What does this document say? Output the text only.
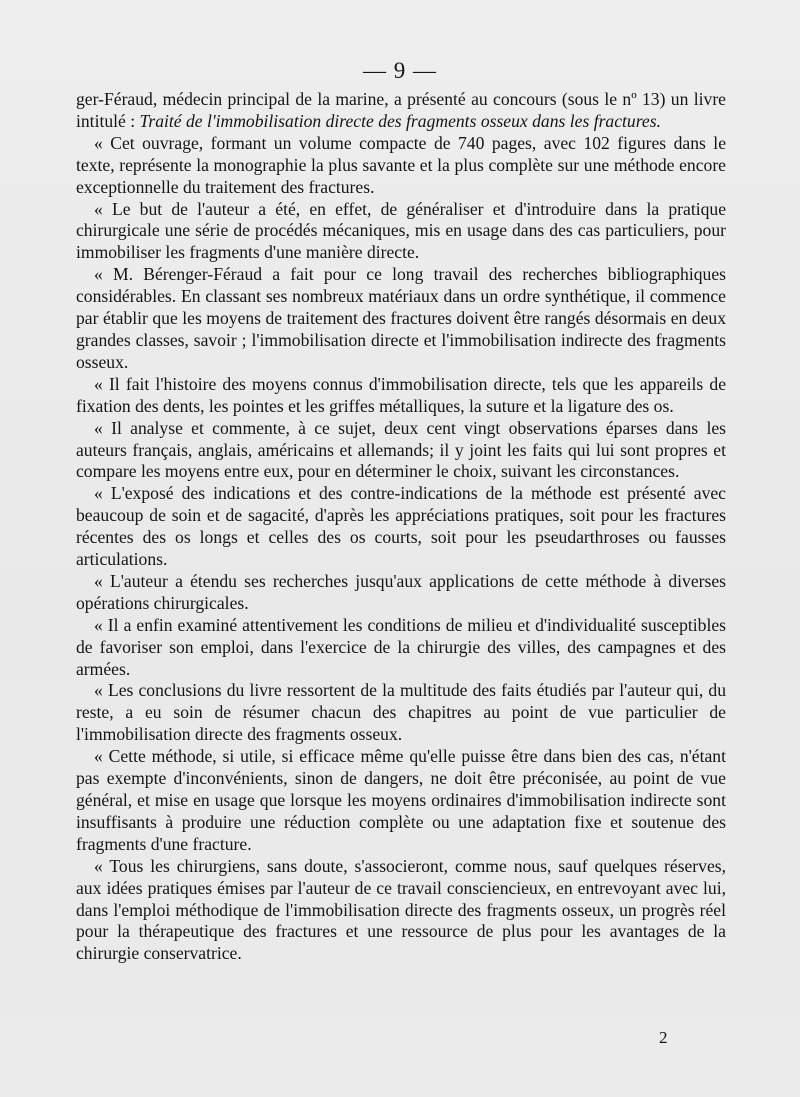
— 9 —

ger-Féraud, médecin principal de la marine, a présenté au concours (sous le nº 13) un livre intitulé : Traité de l'immobilisation directe des fragments osseux dans les fractures.

« Cet ouvrage, formant un volume compacte de 740 pages, avec 102 figures dans le texte, représente la monographie la plus savante et la plus complète sur une méthode encore exceptionnelle du traitement des fractures.

« Le but de l'auteur a été, en effet, de généraliser et d'introduire dans la pratique chirurgicale une série de procédés mécaniques, mis en usage dans des cas particuliers, pour immobiliser les fragments d'une manière directe.

« M. Bérenger-Féraud a fait pour ce long travail des recherches bibliographiques considérables. En classant ses nombreux matériaux dans un ordre synthétique, il commence par établir que les moyens de traitement des fractures doivent être rangés désormais en deux grandes classes, savoir ; l'immobilisation directe et l'immobilisation indirecte des fragments osseux.

« Il fait l'histoire des moyens connus d'immobilisation directe, tels que les appareils de fixation des dents, les pointes et les griffes métalliques, la suture et la ligature des os.

« Il analyse et commente, à ce sujet, deux cent vingt observations éparses dans les auteurs français, anglais, américains et allemands; il y joint les faits qui lui sont propres et compare les moyens entre eux, pour en déterminer le choix, suivant les circonstances.

« L'exposé des indications et des contre-indications de la méthode est présenté avec beaucoup de soin et de sagacité, d'après les appréciations pratiques, soit pour les fractures récentes des os longs et celles des os courts, soit pour les pseudarthroses ou fausses articulations.

« L'auteur a étendu ses recherches jusqu'aux applications de cette méthode à diverses opérations chirurgicales.

« Il a enfin examiné attentivement les conditions de milieu et d'individualité susceptibles de favoriser son emploi, dans l'exercice de la chirurgie des villes, des campagnes et des armées.

« Les conclusions du livre ressortent de la multitude des faits étudiés par l'auteur qui, du reste, a eu soin de résumer chacun des chapitres au point de vue particulier de l'immobilisation directe des fragments osseux.

« Cette méthode, si utile, si efficace même qu'elle puisse être dans bien des cas, n'étant pas exempte d'inconvénients, sinon de dangers, ne doit être préconisée, au point de vue général, et mise en usage que lorsque les moyens ordinaires d'immobilisation indirecte sont insuffisants à produire une réduction complète ou une adaptation fixe et soutenue des fragments d'une fracture.

« Tous les chirurgiens, sans doute, s'associeront, comme nous, sauf quelques réserves, aux idées pratiques émises par l'auteur de ce travail consciencieux, en entrevoyant avec lui, dans l'emploi méthodique de l'immobilisation directe des fragments osseux, un progrès réel pour la thérapeutique des fractures et une ressource de plus pour les avantages de la chirurgie conservatrice.

2
